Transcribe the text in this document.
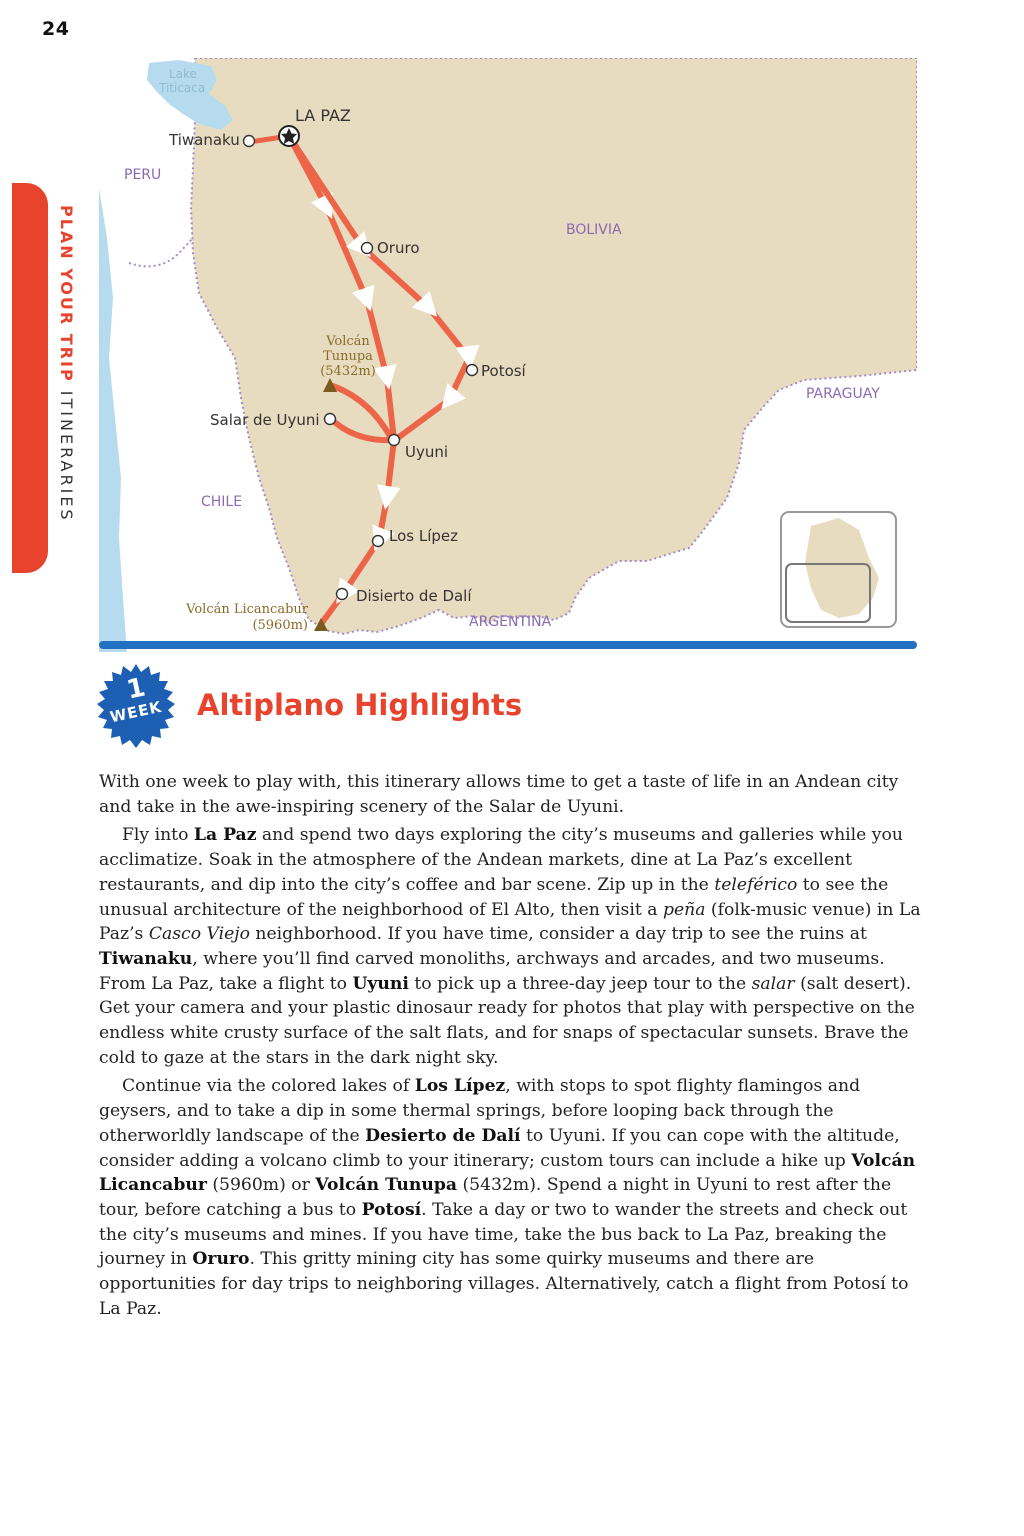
24
PLAN YOUR TRIP ITINERARIES
Lake Titicaca
LA PAZ
Tiwanaku
Oruro
Potosí
Salar de Uyuni
Uyuni
Los Lípez
Disierto de Dalí
PERU
BOLIVIA
PARAGUAY
CHILE
ARGENTINA
Volcán Tunupa (5432m)
Volcán Licancabur (5960m)
1
WEEK	Altiplano Highlights

With one week to play with, this itinerary allows time to get a taste of life in an Andean city and take in the awe-inspiring scenery of the Salar de Uyuni.

Fly into La Paz and spend two days exploring the city’s museums and galleries while you acclimatize. Soak in the atmosphere of the Andean markets, dine at La Paz’s excellent restaurants, and dip into the city’s coffee and bar scene. Zip up in the teleférico to see the unusual architecture of the neighborhood of El Alto, then visit a peña (folk-music venue) in La Paz’s Casco Viejo neighborhood. If you have time, consider a day trip to see the ruins at Tiwanaku, where you’ll find carved monoliths, archways and arcades, and two museums. From La Paz, take a flight to Uyuni to pick up a three-day jeep tour to the salar (salt desert). Get your camera and your plastic dinosaur ready for photos that play with perspective on the endless white crusty surface of the salt flats, and for snaps of spectacular sunsets. Brave the cold to gaze at the stars in the dark night sky.

Continue via the colored lakes of Los Lípez, with stops to spot flighty flamingos and geysers, and to take a dip in some thermal springs, before looping back through the otherworldly landscape of the Desierto de Dalí to Uyuni. If you can cope with the altitude, consider adding a volcano climb to your itinerary; custom tours can include a hike up Volcán Licancabur (5960m) or Volcán Tunupa (5432m). Spend a night in Uyuni to rest after the tour, before catching a bus to Potosí. Take a day or two to wander the streets and check out the city’s museums and mines. If you have time, take the bus back to La Paz, breaking the journey in Oruro. This gritty mining city has some quirky museums and there are opportunities for day trips to neighboring villages. Alternatively, catch a flight from Potosí to La Paz.
